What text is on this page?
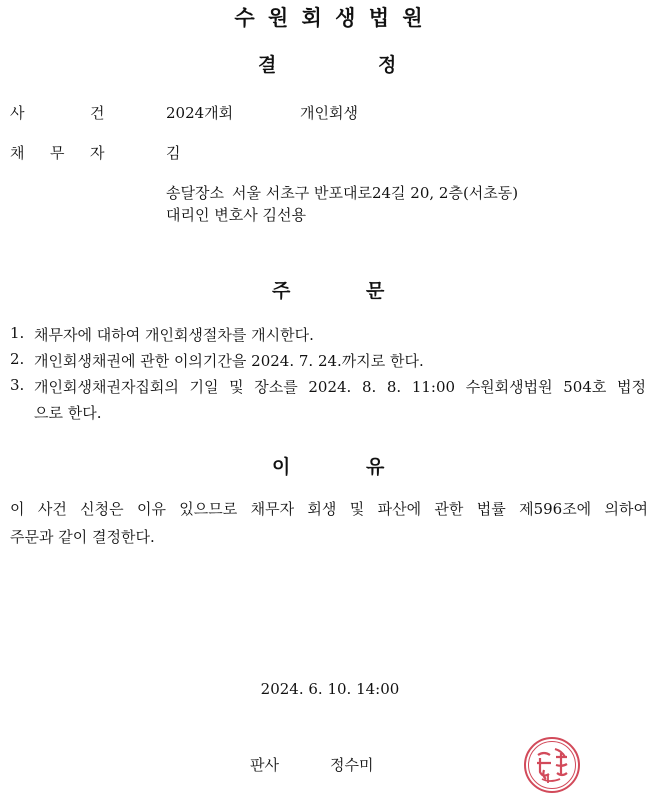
수 원 회 생 법 원
결	정
사	건	2024개회	개인회생
채 무 자	김
송달장소 서울 서초구 반포대로24길 20, 2층(서초동)
대리인 변호사 김선용
주	문
1. 채무자에 대하여 개인회생절차를 개시한다.
2. 개인회생채권에 관한 이의기간을 2024. 7. 24.까지로 한다.
3. 개인회생채권자집회의 기일 및 장소를 2024. 8. 8. 11:00 수원회생법원 504호 법정
으로 한다.
이	유
이 사건 신청은 이유 있으므로 채무자 회생 및 파산에 관한 법률 제596조에 의하여
주문과 같이 결정한다.
2024. 6. 10. 14:00
판사	정수미
